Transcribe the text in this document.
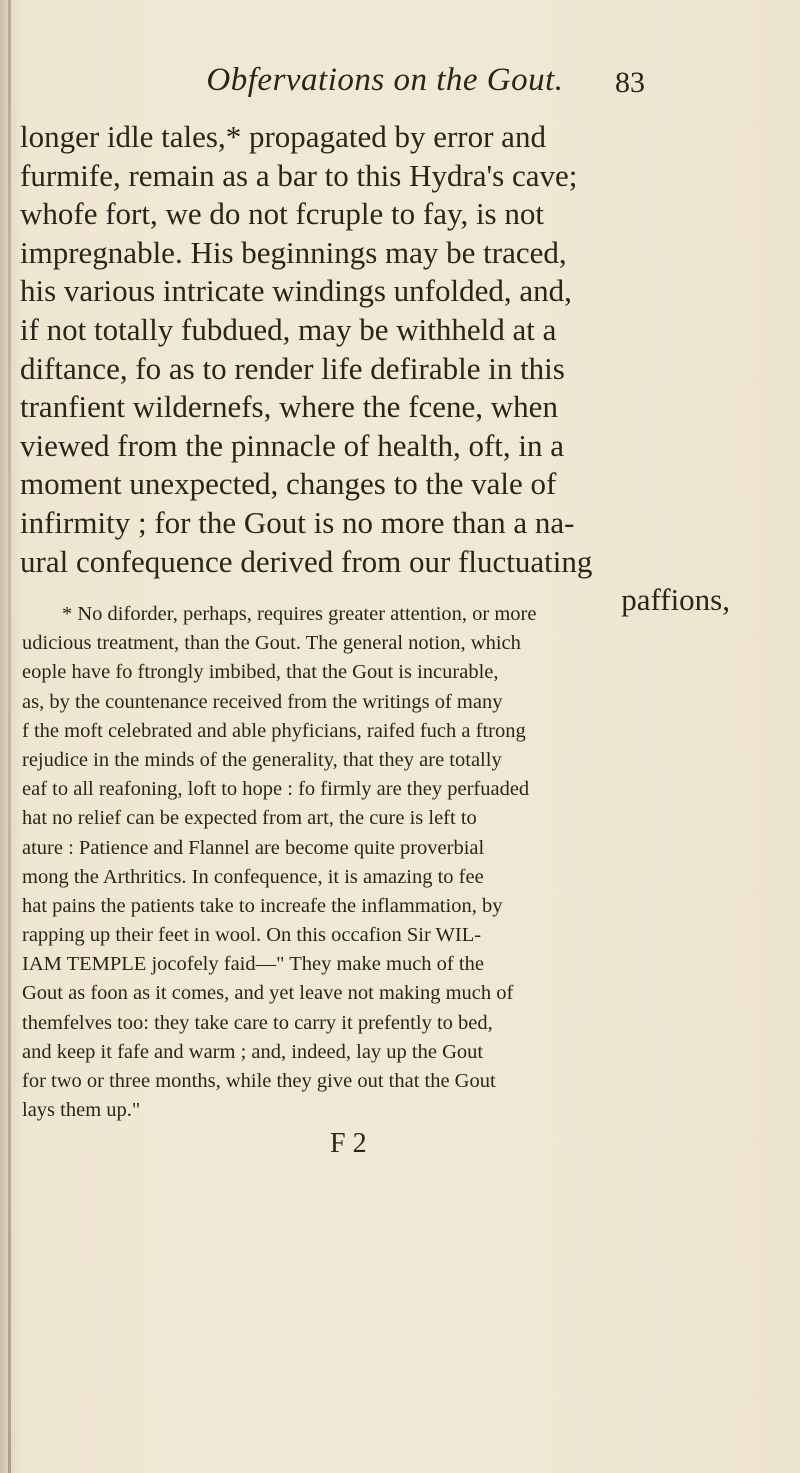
Obfervations on the Gout.	83
longer idle tales,* propagated by error and
furmife, remain as a bar to this Hydra's cave;
whofe fort, we do not fcruple to fay, is not
impregnable. His beginnings may be traced,
his various intricate windings unfolded, and,
if not totally fubdued, may be withheld at a
diftance, fo as to render life defirable in this
tranfient wildernefs, where the fcene, when
viewed from the pinnacle of health, oft, in a
moment unexpected, changes to the vale of
infirmity ; for the Gout is no more than a na-
ural confequence derived from our fluctuating
paffions,
* No diforder, perhaps, requires greater attention, or more
udicious treatment, than the Gout. The general notion, which
eople have fo ftrongly imbibed, that the Gout is incurable,
as, by the countenance received from the writings of many
f the moft celebrated and able phyficians, raifed fuch a ftrong
rejudice in the minds of the generality, that they are totally
eaf to all reafoning, loft to hope : fo firmly are they perfuaded
hat no relief can be expected from art, the cure is left to
ature : Patience and Flannel are become quite proverbial
mong the Arthritics. In confequence, it is amazing to fee
hat pains the patients take to increafe the inflammation, by
rapping up their feet in wool. On this occafion Sir WIL-
IAM TEMPLE jocofely faid—" They make much of the
Gout as foon as it comes, and yet leave not making much of
themfelves too: they take care to carry it prefently to bed,
and keep it fafe and warm ; and, indeed, lay up the Gout
for two or three months, while they give out that the Gout
lays them up."
F 2
